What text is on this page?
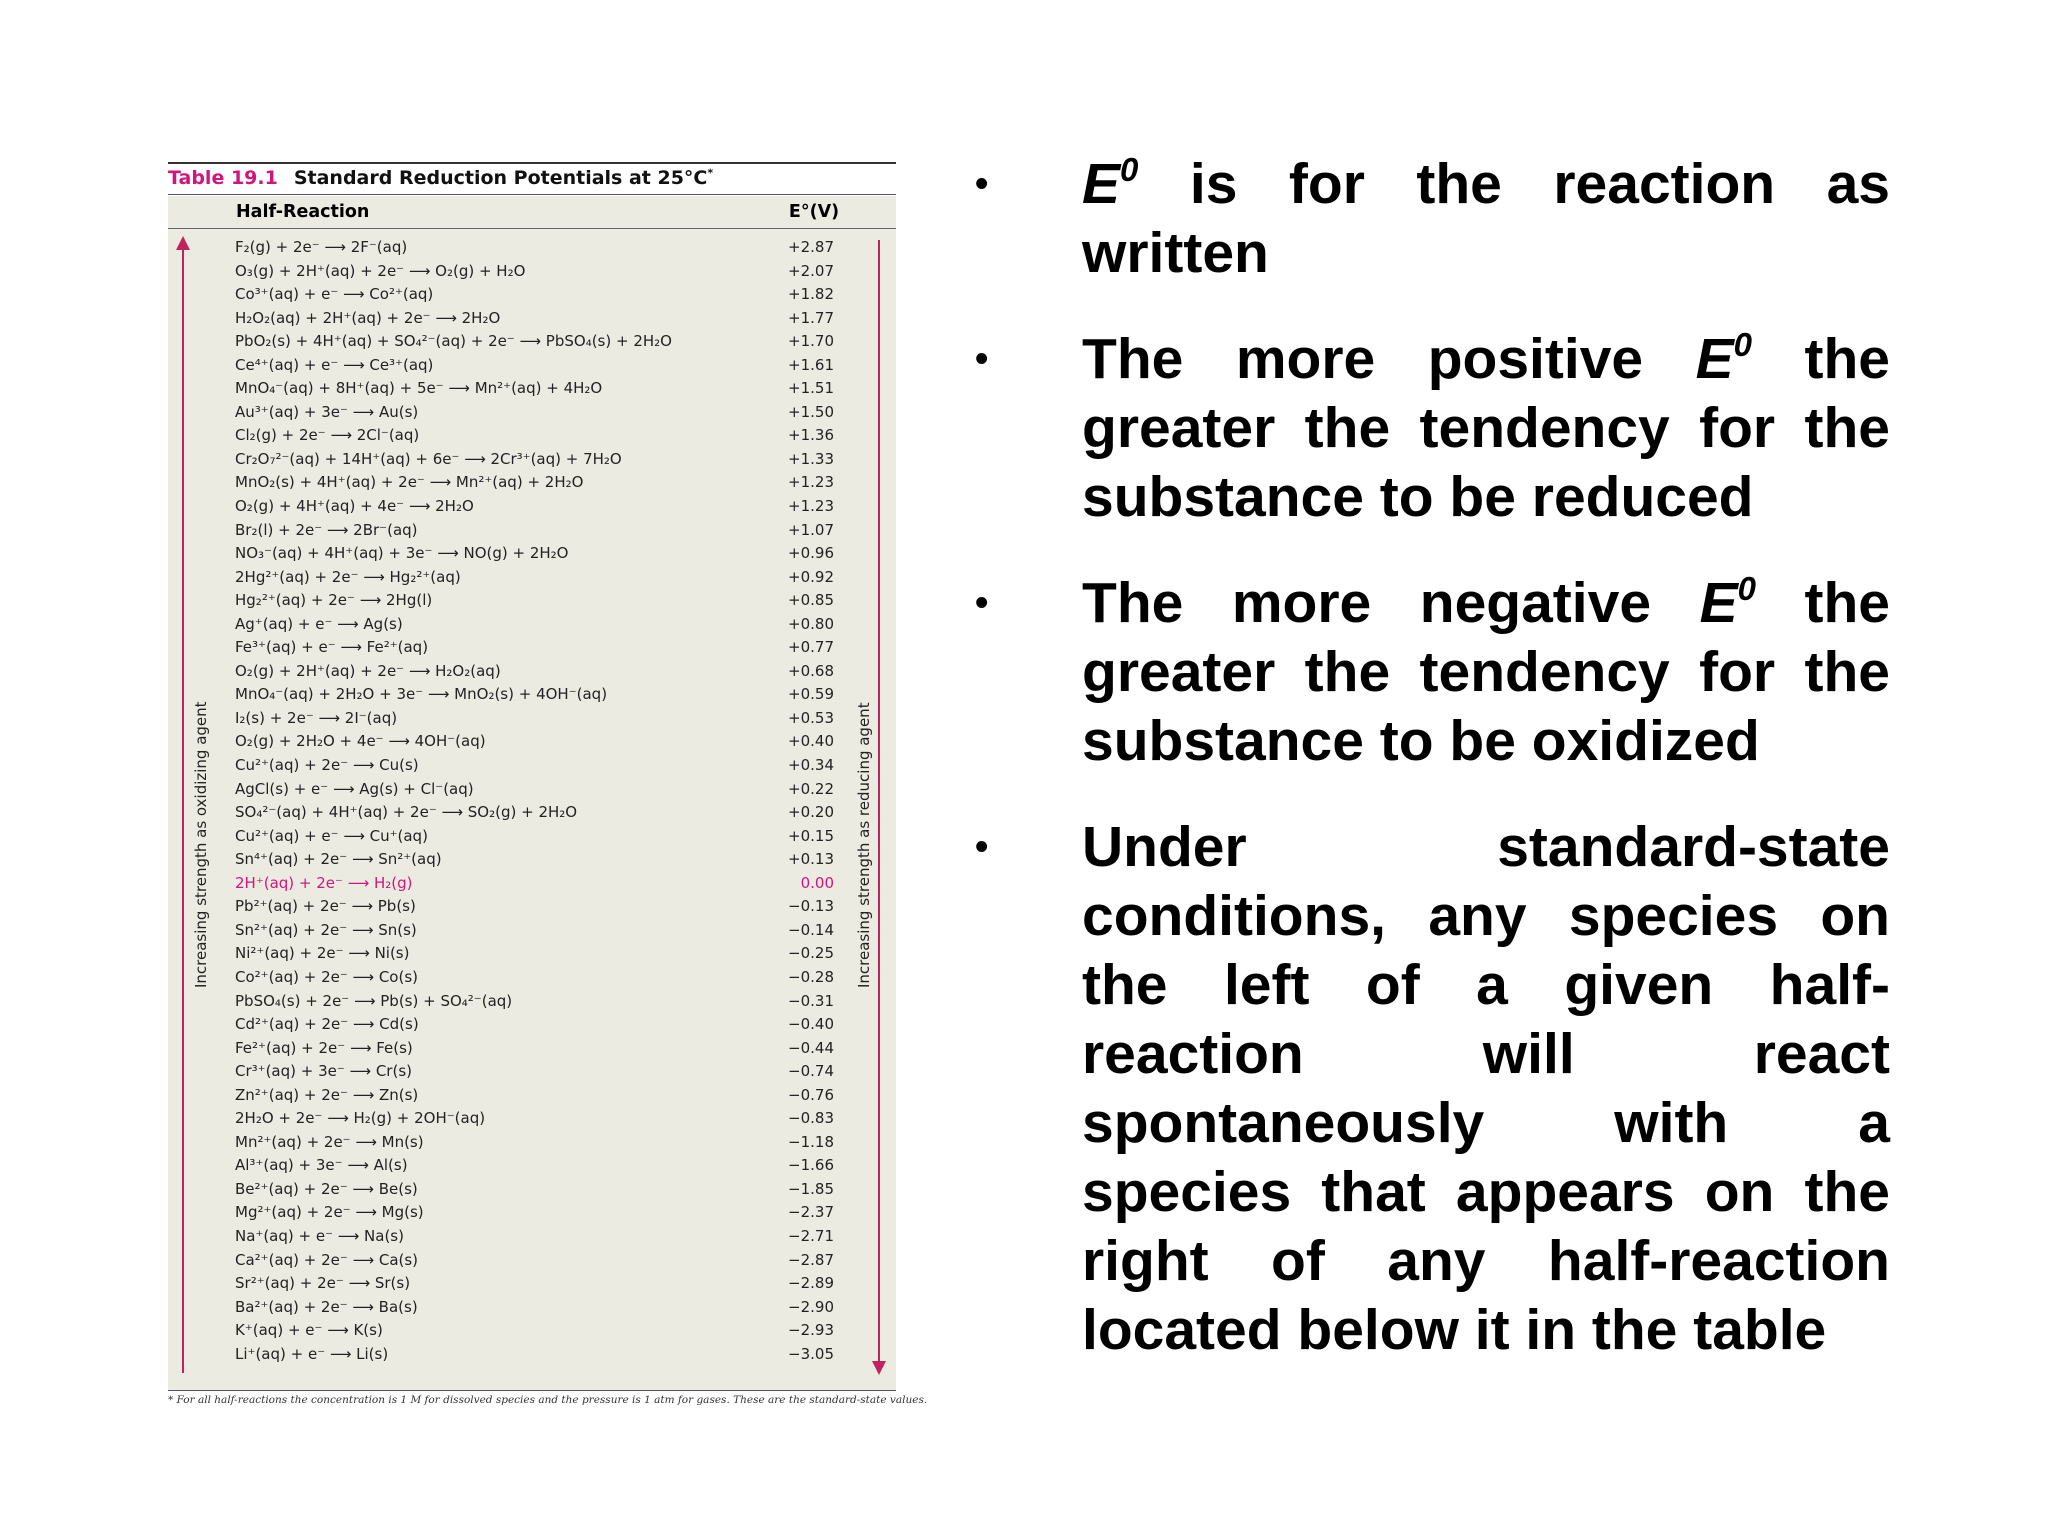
Table 19.1 Standard Reduction Potentials at 25°C*
Half-Reaction	E°(V)
Increasing strength as oxidizing agent	Increasing strength as reducing agent
F₂(g) + 2e⁻ ⟶ 2F⁻(aq)	+2.87
O₃(g) + 2H⁺(aq) + 2e⁻ ⟶ O₂(g) + H₂O	+2.07
Co³⁺(aq) + e⁻ ⟶ Co²⁺(aq)	+1.82
H₂O₂(aq) + 2H⁺(aq) + 2e⁻ ⟶ 2H₂O	+1.77
PbO₂(s) + 4H⁺(aq) + SO₄²⁻(aq) + 2e⁻ ⟶ PbSO₄(s) + 2H₂O	+1.70
Ce⁴⁺(aq) + e⁻ ⟶ Ce³⁺(aq)	+1.61
MnO₄⁻(aq) + 8H⁺(aq) + 5e⁻ ⟶ Mn²⁺(aq) + 4H₂O	+1.51
Au³⁺(aq) + 3e⁻ ⟶ Au(s)	+1.50
Cl₂(g) + 2e⁻ ⟶ 2Cl⁻(aq)	+1.36
Cr₂O₇²⁻(aq) + 14H⁺(aq) + 6e⁻ ⟶ 2Cr³⁺(aq) + 7H₂O	+1.33
MnO₂(s) + 4H⁺(aq) + 2e⁻ ⟶ Mn²⁺(aq) + 2H₂O	+1.23
O₂(g) + 4H⁺(aq) + 4e⁻ ⟶ 2H₂O	+1.23
Br₂(l) + 2e⁻ ⟶ 2Br⁻(aq)	+1.07
NO₃⁻(aq) + 4H⁺(aq) + 3e⁻ ⟶ NO(g) + 2H₂O	+0.96
2Hg²⁺(aq) + 2e⁻ ⟶ Hg₂²⁺(aq)	+0.92
Hg₂²⁺(aq) + 2e⁻ ⟶ 2Hg(l)	+0.85
Ag⁺(aq) + e⁻ ⟶ Ag(s)	+0.80
Fe³⁺(aq) + e⁻ ⟶ Fe²⁺(aq)	+0.77
O₂(g) + 2H⁺(aq) + 2e⁻ ⟶ H₂O₂(aq)	+0.68
MnO₄⁻(aq) + 2H₂O + 3e⁻ ⟶ MnO₂(s) + 4OH⁻(aq)	+0.59
I₂(s) + 2e⁻ ⟶ 2I⁻(aq)	+0.53
O₂(g) + 2H₂O + 4e⁻ ⟶ 4OH⁻(aq)	+0.40
Cu²⁺(aq) + 2e⁻ ⟶ Cu(s)	+0.34
AgCl(s) + e⁻ ⟶ Ag(s) + Cl⁻(aq)	+0.22
SO₄²⁻(aq) + 4H⁺(aq) + 2e⁻ ⟶ SO₂(g) + 2H₂O	+0.20
Cu²⁺(aq) + e⁻ ⟶ Cu⁺(aq)	+0.15
Sn⁴⁺(aq) + 2e⁻ ⟶ Sn²⁺(aq)	+0.13
2H⁺(aq) + 2e⁻ ⟶ H₂(g)	0.00
Pb²⁺(aq) + 2e⁻ ⟶ Pb(s)	−0.13
Sn²⁺(aq) + 2e⁻ ⟶ Sn(s)	−0.14
Ni²⁺(aq) + 2e⁻ ⟶ Ni(s)	−0.25
Co²⁺(aq) + 2e⁻ ⟶ Co(s)	−0.28
PbSO₄(s) + 2e⁻ ⟶ Pb(s) + SO₄²⁻(aq)	−0.31
Cd²⁺(aq) + 2e⁻ ⟶ Cd(s)	−0.40
Fe²⁺(aq) + 2e⁻ ⟶ Fe(s)	−0.44
Cr³⁺(aq) + 3e⁻ ⟶ Cr(s)	−0.74
Zn²⁺(aq) + 2e⁻ ⟶ Zn(s)	−0.76
2H₂O + 2e⁻ ⟶ H₂(g) + 2OH⁻(aq)	−0.83
Mn²⁺(aq) + 2e⁻ ⟶ Mn(s)	−1.18
Al³⁺(aq) + 3e⁻ ⟶ Al(s)	−1.66
Be²⁺(aq) + 2e⁻ ⟶ Be(s)	−1.85
Mg²⁺(aq) + 2e⁻ ⟶ Mg(s)	−2.37
Na⁺(aq) + e⁻ ⟶ Na(s)	−2.71
Ca²⁺(aq) + 2e⁻ ⟶ Ca(s)	−2.87
Sr²⁺(aq) + 2e⁻ ⟶ Sr(s)	−2.89
Ba²⁺(aq) + 2e⁻ ⟶ Ba(s)	−2.90
K⁺(aq) + e⁻ ⟶ K(s)	−2.93
Li⁺(aq) + e⁻ ⟶ Li(s)	−3.05
* For all half-reactions the concentration is 1 M for dissolved species and the pressure is 1 atm for gases. These are the standard-state values.
• $E^0$ is for the reaction as
written
• The more positive $E^0$ the
greater the tendency for the
substance to be reduced
• The more negative $E^0$ the
greater the tendency for the
substance to be oxidized
• Under standard-state
conditions, any species on
the left of a given half-
reaction will react
spontaneously with a
species that appears on the
right of any half-reaction
located below it in the table
